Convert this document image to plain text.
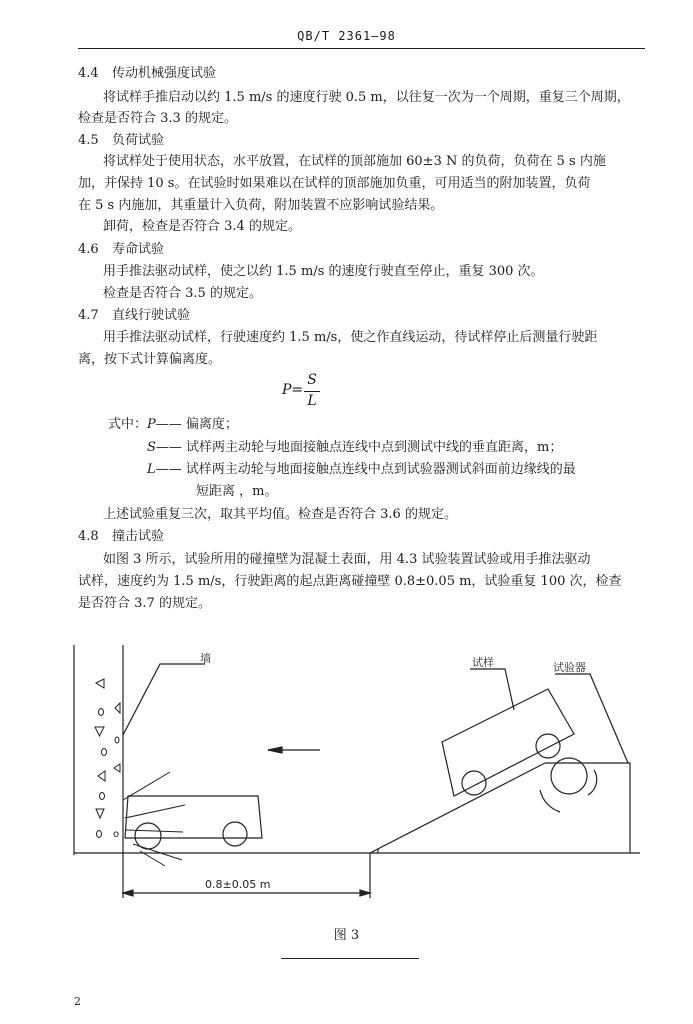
QB/T 2361—98
4.4 传动机械强度试验
将试样手推启动以约 1.5 m/s 的速度行驶 0.5 m，以往复一次为一个周期，重复三个周期，
检查是否符合 3.3 的规定。
4.5 负荷试验
将试样处于使用状态，水平放置，在试样的顶部施加 60±3 N 的负荷，负荷在 5 s 内施
加，并保持 10 s。在试验时如果难以在试样的顶部施加负重，可用适当的附加装置，负荷
在 5 s 内施加，其重量计入负荷，附加装置不应影响试验结果。
卸荷，检查是否符合 3.4 的规定。
4.6 寿命试验
用手推法驱动试样，使之以约 1.5 m/s 的速度行驶直至停止，重复 300 次。
检查是否符合 3.5 的规定。
4.7 直线行驶试验
用手推法驱动试样，行驶速度约 1.5 m/s，使之作直线运动，待试样停止后测量行驶距
离，按下式计算偏离度。
P=
S
L
式中：P—— 偏离度；
S—— 试样两主动轮与地面接触点连线中点到测试中线的垂直距离，m；
L—— 试样两主动轮与地面接触点连线中点到试验器测试斜面前边缘线的最
短距离 ，m。
上述试验重复三次，取其平均值。检查是否符合 3.6 的规定。
4.8 撞击试验
如图 3 所示，试验所用的碰撞壁为混凝土表面，用 4.3 试验装置试验或用手推法驱动
试样，速度约为 1.5 m/s，行驶距离的起点距离碰撞壁 0.8±0.05 m，试验重复 100 次，检查
是否符合 3.7 的规定。
墙	试样	试验器
0.8±0.05 m
o
图 3
2
